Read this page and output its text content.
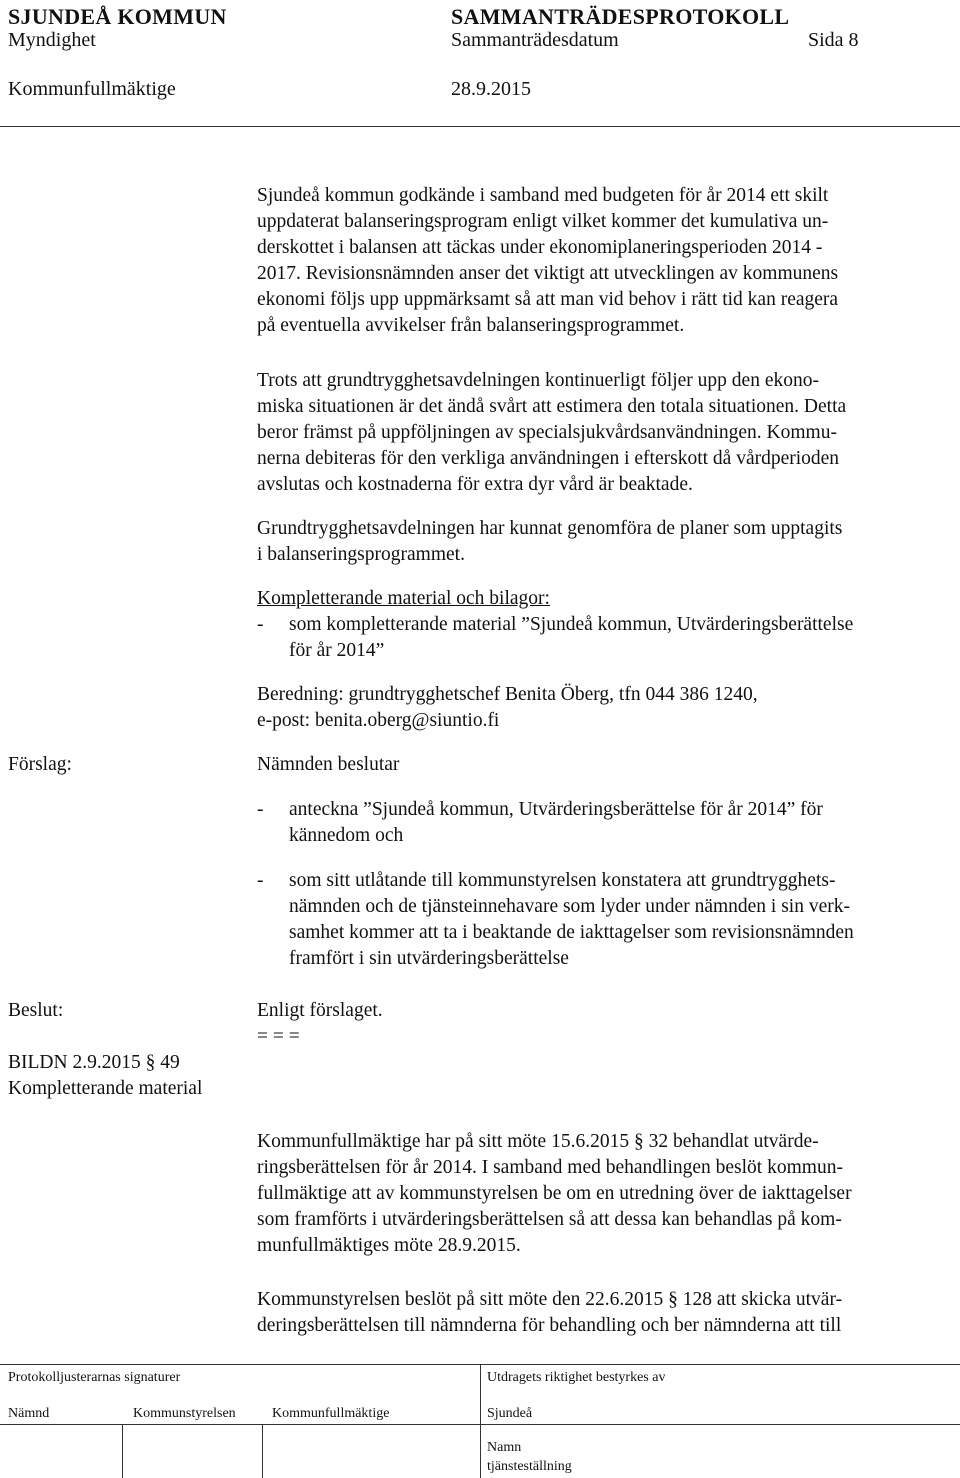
SJUNDEÅ KOMMUN	SAMMANTRÄDESPROTOKOLL
Myndighet	Sammanträdesdatum	Sida 8
Kommunfullmäktige	28.9.2015
Sjundeå kommun godkände i samband med budgeten för år 2014 ett skilt
uppdaterat balanseringsprogram enligt vilket kommer det kumulativa un-
derskottet i balansen att täckas under ekonomiplaneringsperioden 2014 -
2017. Revisionsnämnden anser det viktigt att utvecklingen av kommunens
ekonomi följs upp uppmärksamt så att man vid behov i rätt tid kan reagera
på eventuella avvikelser från balanseringsprogrammet.
Trots att grundtrygghetsavdelningen kontinuerligt följer upp den ekono-
miska situationen är det ändå svårt att estimera den totala situationen. Detta
beror främst på uppföljningen av specialsjukvårdsanvändningen. Kommu-
nerna debiteras för den verkliga användningen i efterskott då vårdperioden
avslutas och kostnaderna för extra dyr vård är beaktade.
Grundtrygghetsavdelningen har kunnat genomföra de planer som upptagits
i balanseringsprogrammet.
Kompletterande material och bilagor:
- som kompletterande material ”Sjundeå kommun, Utvärderingsberättelse
för år 2014”
Beredning: grundtrygghetschef Benita Öberg, tfn 044 386 1240,
e-post: benita.oberg@siuntio.fi
Förslag:	Nämnden beslutar
- anteckna ”Sjundeå kommun, Utvärderingsberättelse för år 2014” för
kännedom och
- som sitt utlåtande till kommunstyrelsen konstatera att grundtrygghets-
nämnden och de tjänsteinnehavare som lyder under nämnden i sin verk-
samhet kommer att ta i beaktande de iakttagelser som revisionsnämnden
framfört i sin utvärderingsberättelse
Beslut:	Enligt förslaget.
= = =
BILDN 2.9.2015 § 49
Kompletterande material
Kommunfullmäktige har på sitt möte 15.6.2015 § 32 behandlat utvärde-
ringsberättelsen för år 2014. I samband med behandlingen beslöt kommun-
fullmäktige att av kommunstyrelsen be om en utredning över de iakttagelser
som framförts i utvärderingsberättelsen så att dessa kan behandlas på kom-
munfullmäktiges möte 28.9.2015.
Kommunstyrelsen beslöt på sitt möte den 22.6.2015 § 128 att skicka utvär-
deringsberättelsen till nämnderna för behandling och ber nämnderna att till
Protokolljusterarnas signaturer	Utdragets riktighet bestyrkes av
Nämnd	Kommunstyrelsen	Kommunfullmäktige	Sjundeå
Namn
tjänsteställning
